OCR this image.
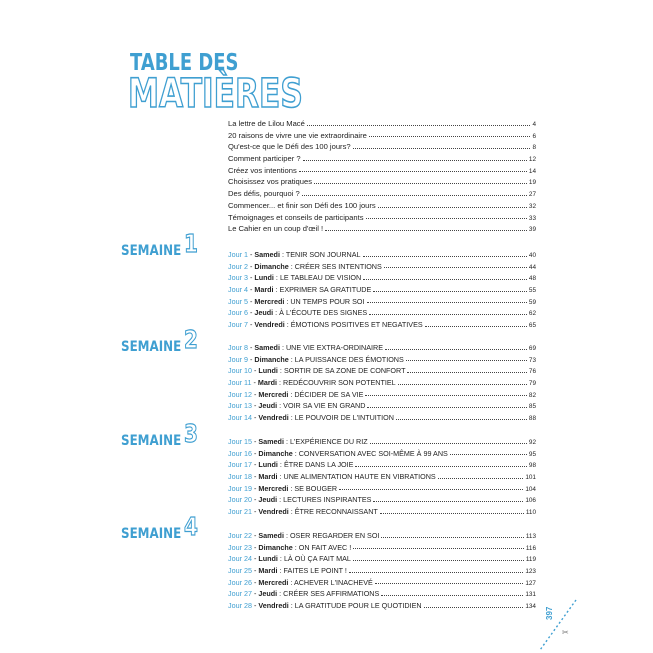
TABLE DES
MATIÈRES
La lettre de Lilou Macé	4
20 raisons de vivre une vie extraordinaire	6
Qu'est-ce que le Défi des 100 jours?	8
Comment participer ?	12
Créez vos intentions	14
Choisissez vos pratiques	19
Des défis, pourquoi ?	27
Commencer... et finir son Défi des 100 jours	32
Témoignages et conseils de participants	33
Le Cahier en un coup d'œil !	39
SEMAINE 1	Jour 1 - Samedi : TENIR SON JOURNAL	40
Jour 2 - Dimanche : CRÉER SES INTENTIONS	44
Jour 3 - Lundi : LE TABLEAU DE VISION	48
Jour 4 - Mardi : EXPRIMER SA GRATITUDE	55
Jour 5 - Mercredi : UN TEMPS POUR SOI	59
Jour 6 - Jeudi : À L'ÉCOUTE DES SIGNES	62
Jour 7 - Vendredi : ÉMOTIONS POSITIVES ET NEGATIVES	65
SEMAINE 2	Jour 8 - Samedi : UNE VIE EXTRA-ORDINAIRE	69
Jour 9 - Dimanche : LA PUISSANCE DES ÉMOTIONS	73
Jour 10 - Lundi : SORTIR DE SA ZONE DE CONFORT	76
Jour 11 - Mardi : REDÉCOUVRIR SON POTENTIEL	79
Jour 12 - Mercredi : DÉCIDER DE SA VIE	82
Jour 13 - Jeudi : VOIR SA VIE EN GRAND	85
Jour 14 - Vendredi : LE POUVOIR DE L'INTUITION	88
SEMAINE 3	Jour 15 - Samedi : L'EXPÉRIENCE DU RIZ	92
Jour 16 - Dimanche : CONVERSATION AVEC SOI-MÊME À 99 ANS	95
Jour 17 - Lundi : ÊTRE DANS LA JOIE	98
Jour 18 - Mardi : UNE ALIMENTATION HAUTE EN VIBRATIONS	101
Jour 19 - Mercredi : SE BOUGER	104
Jour 20 - Jeudi : LECTURES INSPIRANTES	106
Jour 21 - Vendredi : ÊTRE RECONNAISSANT	110
SEMAINE 4	Jour 22 - Samedi : OSER REGARDER EN SOI	113
Jour 23 - Dimanche : ON FAIT AVEC !	116
Jour 24 - Lundi : LÀ OÙ ÇA FAIT MAL	119
Jour 25 - Mardi : FAITES LE POINT !	123
Jour 26 - Mercredi : ACHEVER L'INACHEVÉ	127
Jour 27 - Jeudi : CRÉER SES AFFIRMATIONS	131
Jour 28 - Vendredi : LA GRATITUDE POUR LE QUOTIDIEN	134
397
✂
